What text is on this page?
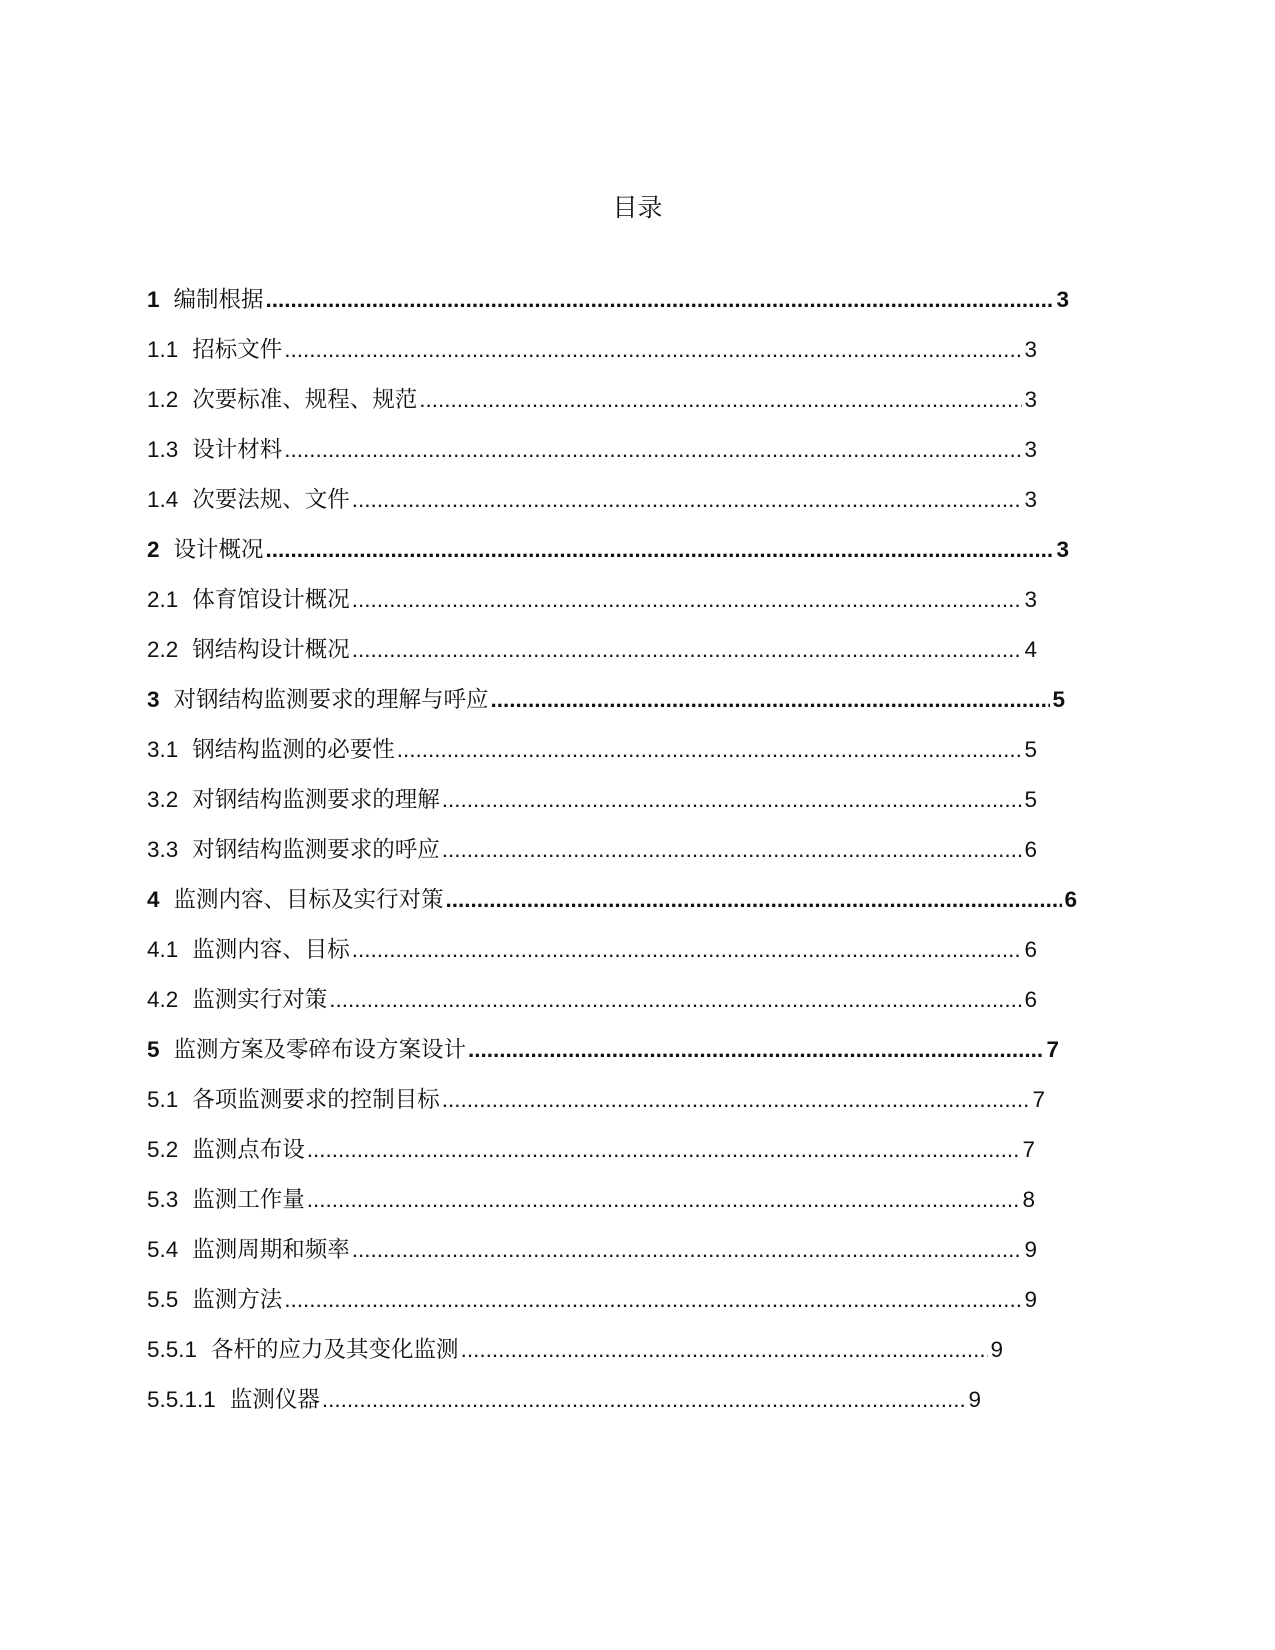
目录
1 编制根据 .....	3
1.1 招标文件 .....	3
1.2 次要标准、规程、规范 .....	3
1.3 设计材料 .....	3
1.4 次要法规、文件 .....	3
2 设计概况 .....	3
2.1 体育馆设计概况 .....	3
2.2 钢结构设计概况 .....	4
3 对钢结构监测要求的理解与呼应 .....	5
3.1 钢结构监测的必要性 .....	5
3.2 对钢结构监测要求的理解 .....	5
3.3 对钢结构监测要求的呼应 .....	6
4 监测内容、目标及实行对策 .....	6
4.1 监测内容、目标 .....	6
4.2 监测实行对策 .....	6
5 监测方案及零碎布设方案设计 .....	7
5.1 各项监测要求的控制目标 .....	7
5.2 监测点布设 .....	7
5.3 监测工作量 .....	8
5.4 监测周期和频率 .....	9
5.5 监测方法 .....	9
5.5.1 各杆的应力及其变化监测 .....	9
5.5.1.1 监测仪器 .....	9
